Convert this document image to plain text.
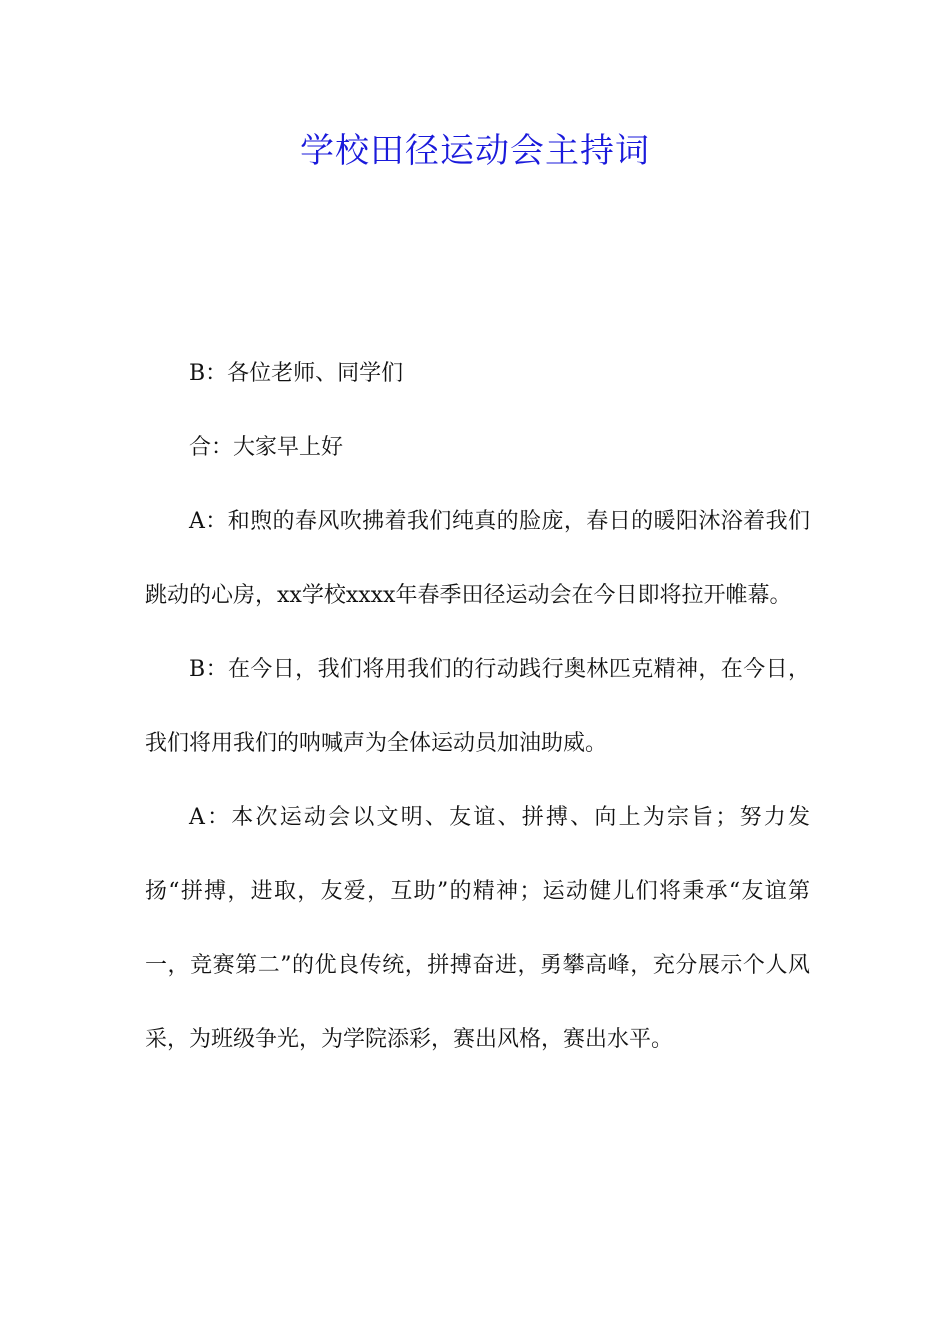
学校田径运动会主持词

B：各位老师、同学们

合：大家早上好

A：和煦的春风吹拂着我们纯真的脸庞，春日的暖阳沐浴着我们跳动的心房，xx学校xxxx年春季田径运动会在今日即将拉开帷幕。

B：在今日，我们将用我们的行动践行奥林匹克精神，在今日，我们将用我们的呐喊声为全体运动员加油助威。

A：本次运动会以文明、友谊、拼搏、向上为宗旨；努力发扬“拼搏，进取，友爱，互助”的精神；运动健儿们将秉承“友谊第一，竞赛第二”的优良传统，拼搏奋进，勇攀高峰，充分展示个人风采，为班级争光，为学院添彩，赛出风格，赛出水平。
